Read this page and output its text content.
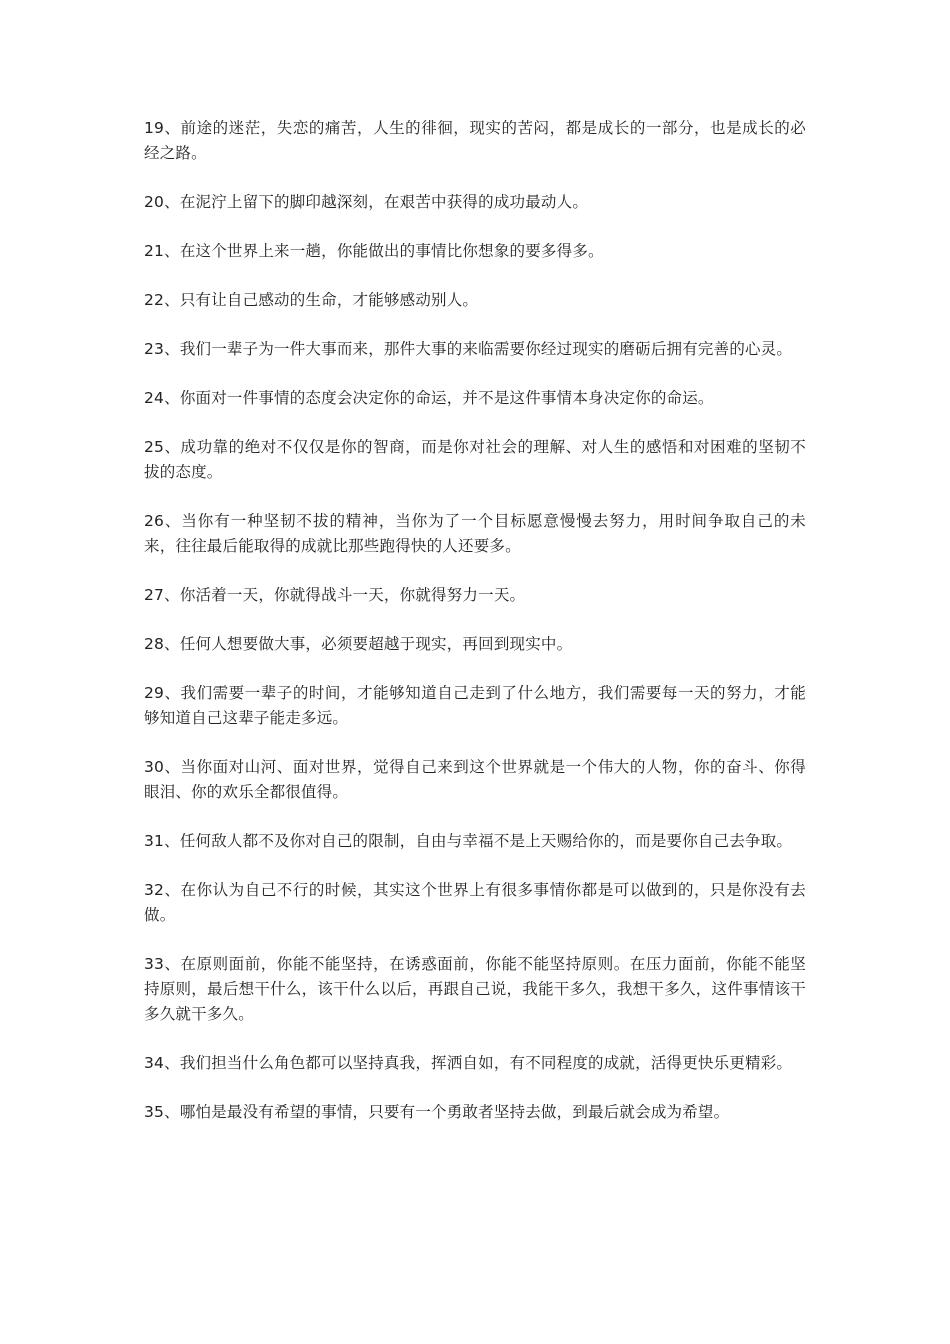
19、前途的迷茫，失恋的痛苦，人生的徘徊，现实的苦闷，都是成长的一部分，也是成长的必经之路。

20、在泥泞上留下的脚印越深刻，在艰苦中获得的成功最动人。

21、在这个世界上来一趟，你能做出的事情比你想象的要多得多。

22、只有让自己感动的生命，才能够感动别人。

23、我们一辈子为一件大事而来，那件大事的来临需要你经过现实的磨砺后拥有完善的心灵。

24、你面对一件事情的态度会决定你的命运，并不是这件事情本身决定你的命运。

25、成功靠的绝对不仅仅是你的智商，而是你对社会的理解、对人生的感悟和对困难的坚韧不拔的态度。

26、当你有一种坚韧不拔的精神，当你为了一个目标愿意慢慢去努力，用时间争取自己的未来，往往最后能取得的成就比那些跑得快的人还要多。

27、你活着一天，你就得战斗一天，你就得努力一天。

28、任何人想要做大事，必须要超越于现实，再回到现实中。

29、我们需要一辈子的时间，才能够知道自己走到了什么地方，我们需要每一天的努力，才能够知道自己这辈子能走多远。

30、当你面对山河、面对世界，觉得自己来到这个世界就是一个伟大的人物，你的奋斗、你得眼泪、你的欢乐全都很值得。

31、任何敌人都不及你对自己的限制，自由与幸福不是上天赐给你的，而是要你自己去争取。

32、在你认为自己不行的时候，其实这个世界上有很多事情你都是可以做到的，只是你没有去做。

33、在原则面前，你能不能坚持，在诱惑面前，你能不能坚持原则。在压力面前，你能不能坚持原则，最后想干什么，该干什么以后，再跟自己说，我能干多久，我想干多久，这件事情该干多久就干多久。

34、我们担当什么角色都可以坚持真我，挥洒自如，有不同程度的成就，活得更快乐更精彩。

35、哪怕是最没有希望的事情，只要有一个勇敢者坚持去做，到最后就会成为希望。
